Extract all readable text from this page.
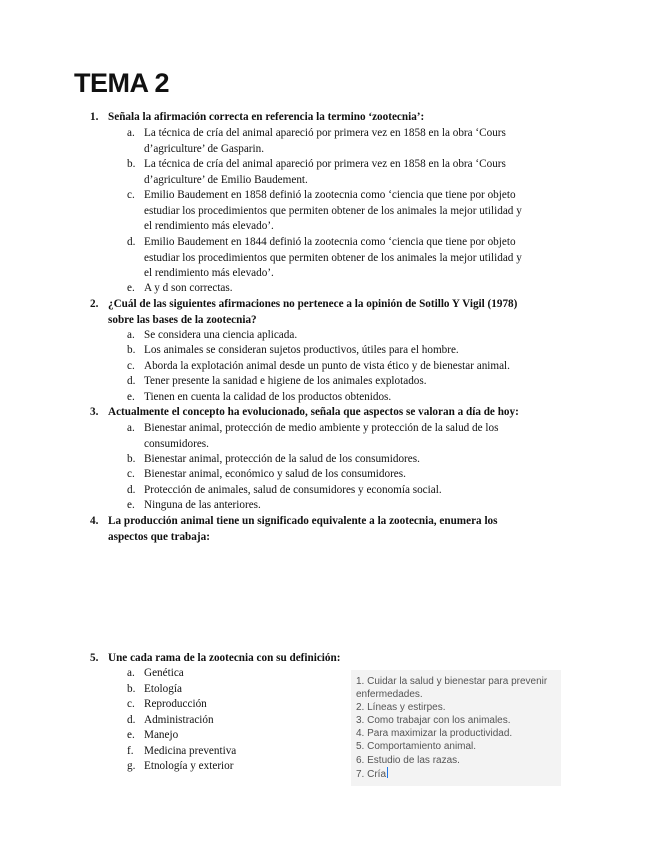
TEMA 2
1. Señala la afirmación correcta en referencia la termino ‘zootecnia’:
a. La técnica de cría del animal apareció por primera vez en 1858 en la obra ‘Cours d’agriculture’ de Gasparin.
b. La técnica de cría del animal apareció por primera vez en 1858 en la obra ‘Cours d’agriculture’ de Emilio Baudement.
c. Emilio Baudement en 1858 definió la zootecnia como ‘ciencia que tiene por objeto estudiar los procedimientos que permiten obtener de los animales la mejor utilidad y el rendimiento más elevado’.
d. Emilio Baudement en 1844 definió la zootecnia como ‘ciencia que tiene por objeto estudiar los procedimientos que permiten obtener de los animales la mejor utilidad y el rendimiento más elevado’.
e. A y d son correctas.
2. ¿Cuál de las siguientes afirmaciones no pertenece a la opinión de Sotillo Y Vigil (1978) sobre las bases de la zootecnia?
a. Se considera una ciencia aplicada.
b. Los animales se consideran sujetos productivos, útiles para el hombre.
c. Aborda la explotación animal desde un punto de vista ético y de bienestar animal.
d. Tener presente la sanidad e higiene de los animales explotados.
e. Tienen en cuenta la calidad de los productos obtenidos.
3. Actualmente el concepto ha evolucionado, señala que aspectos se valoran a día de hoy:
a. Bienestar animal, protección de medio ambiente y protección de la salud de los consumidores.
b. Bienestar animal, protección de la salud de los consumidores.
c. Bienestar animal, económico y salud de los consumidores.
d. Protección de animales, salud de consumidores y economía social.
e. Ninguna de las anteriores.
4. La producción animal tiene un significado equivalente a la zootecnia, enumera los aspectos que trabaja:
5. Une cada rama de la zootecnia con su definición:
a. Genética
b. Etología
c. Reproducción
d. Administración
e. Manejo
f. Medicina preventiva
g. Etnología y exterior
1. Cuidar la salud y bienestar para prevenir
enfermedades.
2. Líneas y estirpes.
3. Como trabajar con los animales.
4. Para maximizar la productividad.
5. Comportamiento animal.
6. Estudio de las razas.
7. Cría
